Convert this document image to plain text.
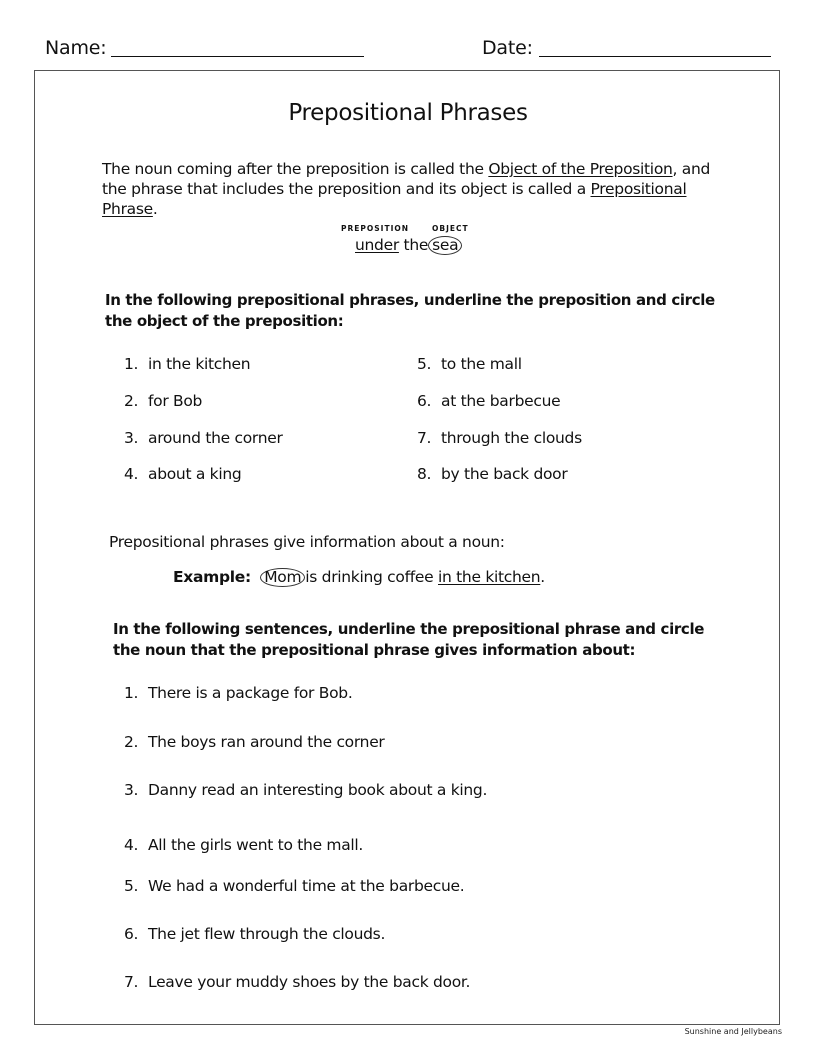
Name:	Date:
Prepositional Phrases
The noun coming after the preposition is called the Object of the Preposition, and the phrase that includes the preposition and its object is called a Prepositional Phrase.
PREPOSITION	OBJECT
under the sea
In the following prepositional phrases, underline the preposition and circle the object of the preposition:
1. in the kitchen
2. for Bob
3. around the corner
4. about a king
5. to the mall
6. at the barbecue
7. through the clouds
8. by the back door
Prepositional phrases give information about a noun:
Example: Mom is drinking coffee in the kitchen.
In the following sentences, underline the prepositional phrase and circle the noun that the prepositional phrase gives information about:
1. There is a package for Bob.
2. The boys ran around the corner
3. Danny read an interesting book about a king.
4. All the girls went to the mall.
5. We had a wonderful time at the barbecue.
6. The jet flew through the clouds.
7. Leave your muddy shoes by the back door.
Sunshine and Jellybeans
